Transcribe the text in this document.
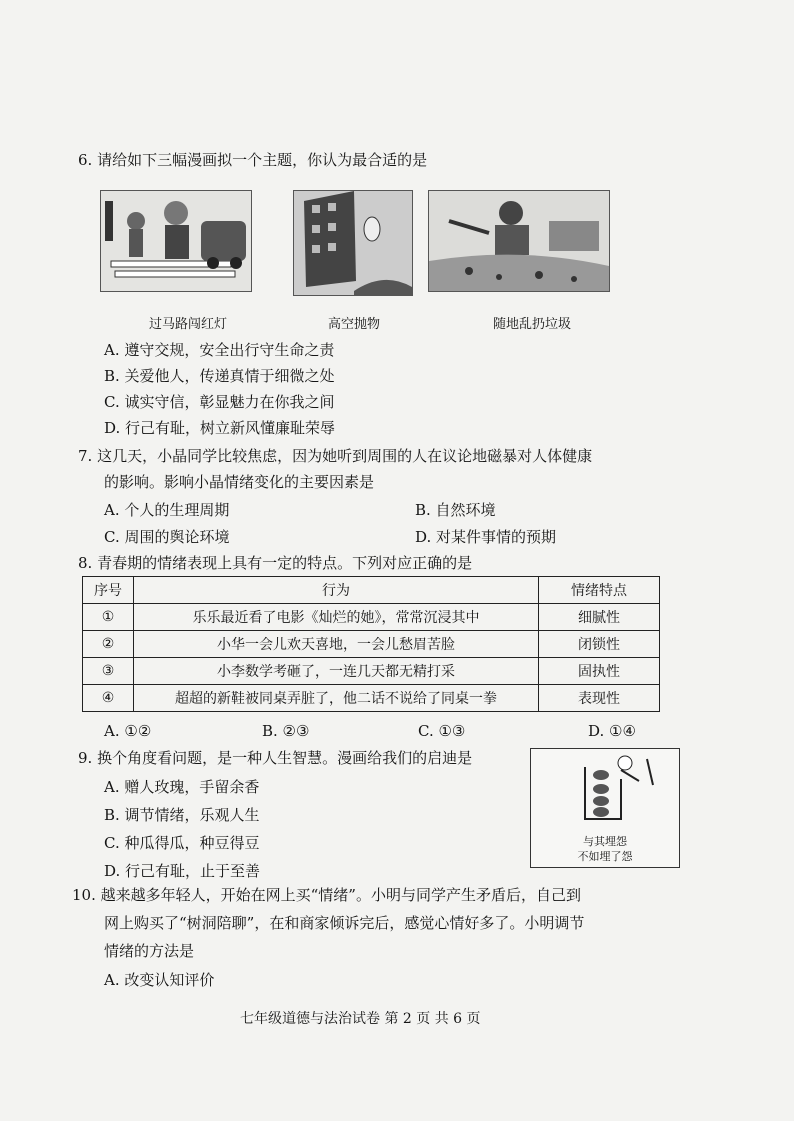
6. 请给如下三幅漫画拟一个主题，你认为最合适的是
过马路闯红灯	高空抛物	随地乱扔垃圾
A. 遵守交规，安全出行守生命之责
B. 关爱他人，传递真情于细微之处
C. 诚实守信，彰显魅力在你我之间
D. 行己有耻，树立新风懂廉耻荣辱
7. 这几天，小晶同学比较焦虑，因为她听到周围的人在议论地磁暴对人体健康
的影响。影响小晶情绪变化的主要因素是
A. 个人的生理周期	B. 自然环境
C. 周围的舆论环境	D. 对某件事情的预期
8. 青春期的情绪表现上具有一定的特点。下列对应正确的是
序号	行为	情绪特点
①	乐乐最近看了电影《灿烂的她》，常常沉浸其中	细腻性
②	小华一会儿欢天喜地，一会儿愁眉苦脸	闭锁性
③	小李数学考砸了，一连几天都无精打采	固执性
④	超超的新鞋被同桌弄脏了，他二话不说给了同桌一拳	表现性
A. ①②	B. ②③	C. ①③	D. ①④
9. 换个角度看问题，是一种人生智慧。漫画给我们的启迪是
A. 赠人玫瑰，手留余香
B. 调节情绪，乐观人生
C. 种瓜得瓜，种豆得豆
D. 行己有耻，止于至善
与其埋怨
不如埋了怨
10. 越来越多年轻人，开始在网上买“情绪”。小明与同学产生矛盾后，自己到
网上购买了“树洞陪聊”，在和商家倾诉完后，感觉心情好多了。小明调节
情绪的方法是
A. 改变认知评价
七年级道德与法治试卷 第 2 页 共 6 页
